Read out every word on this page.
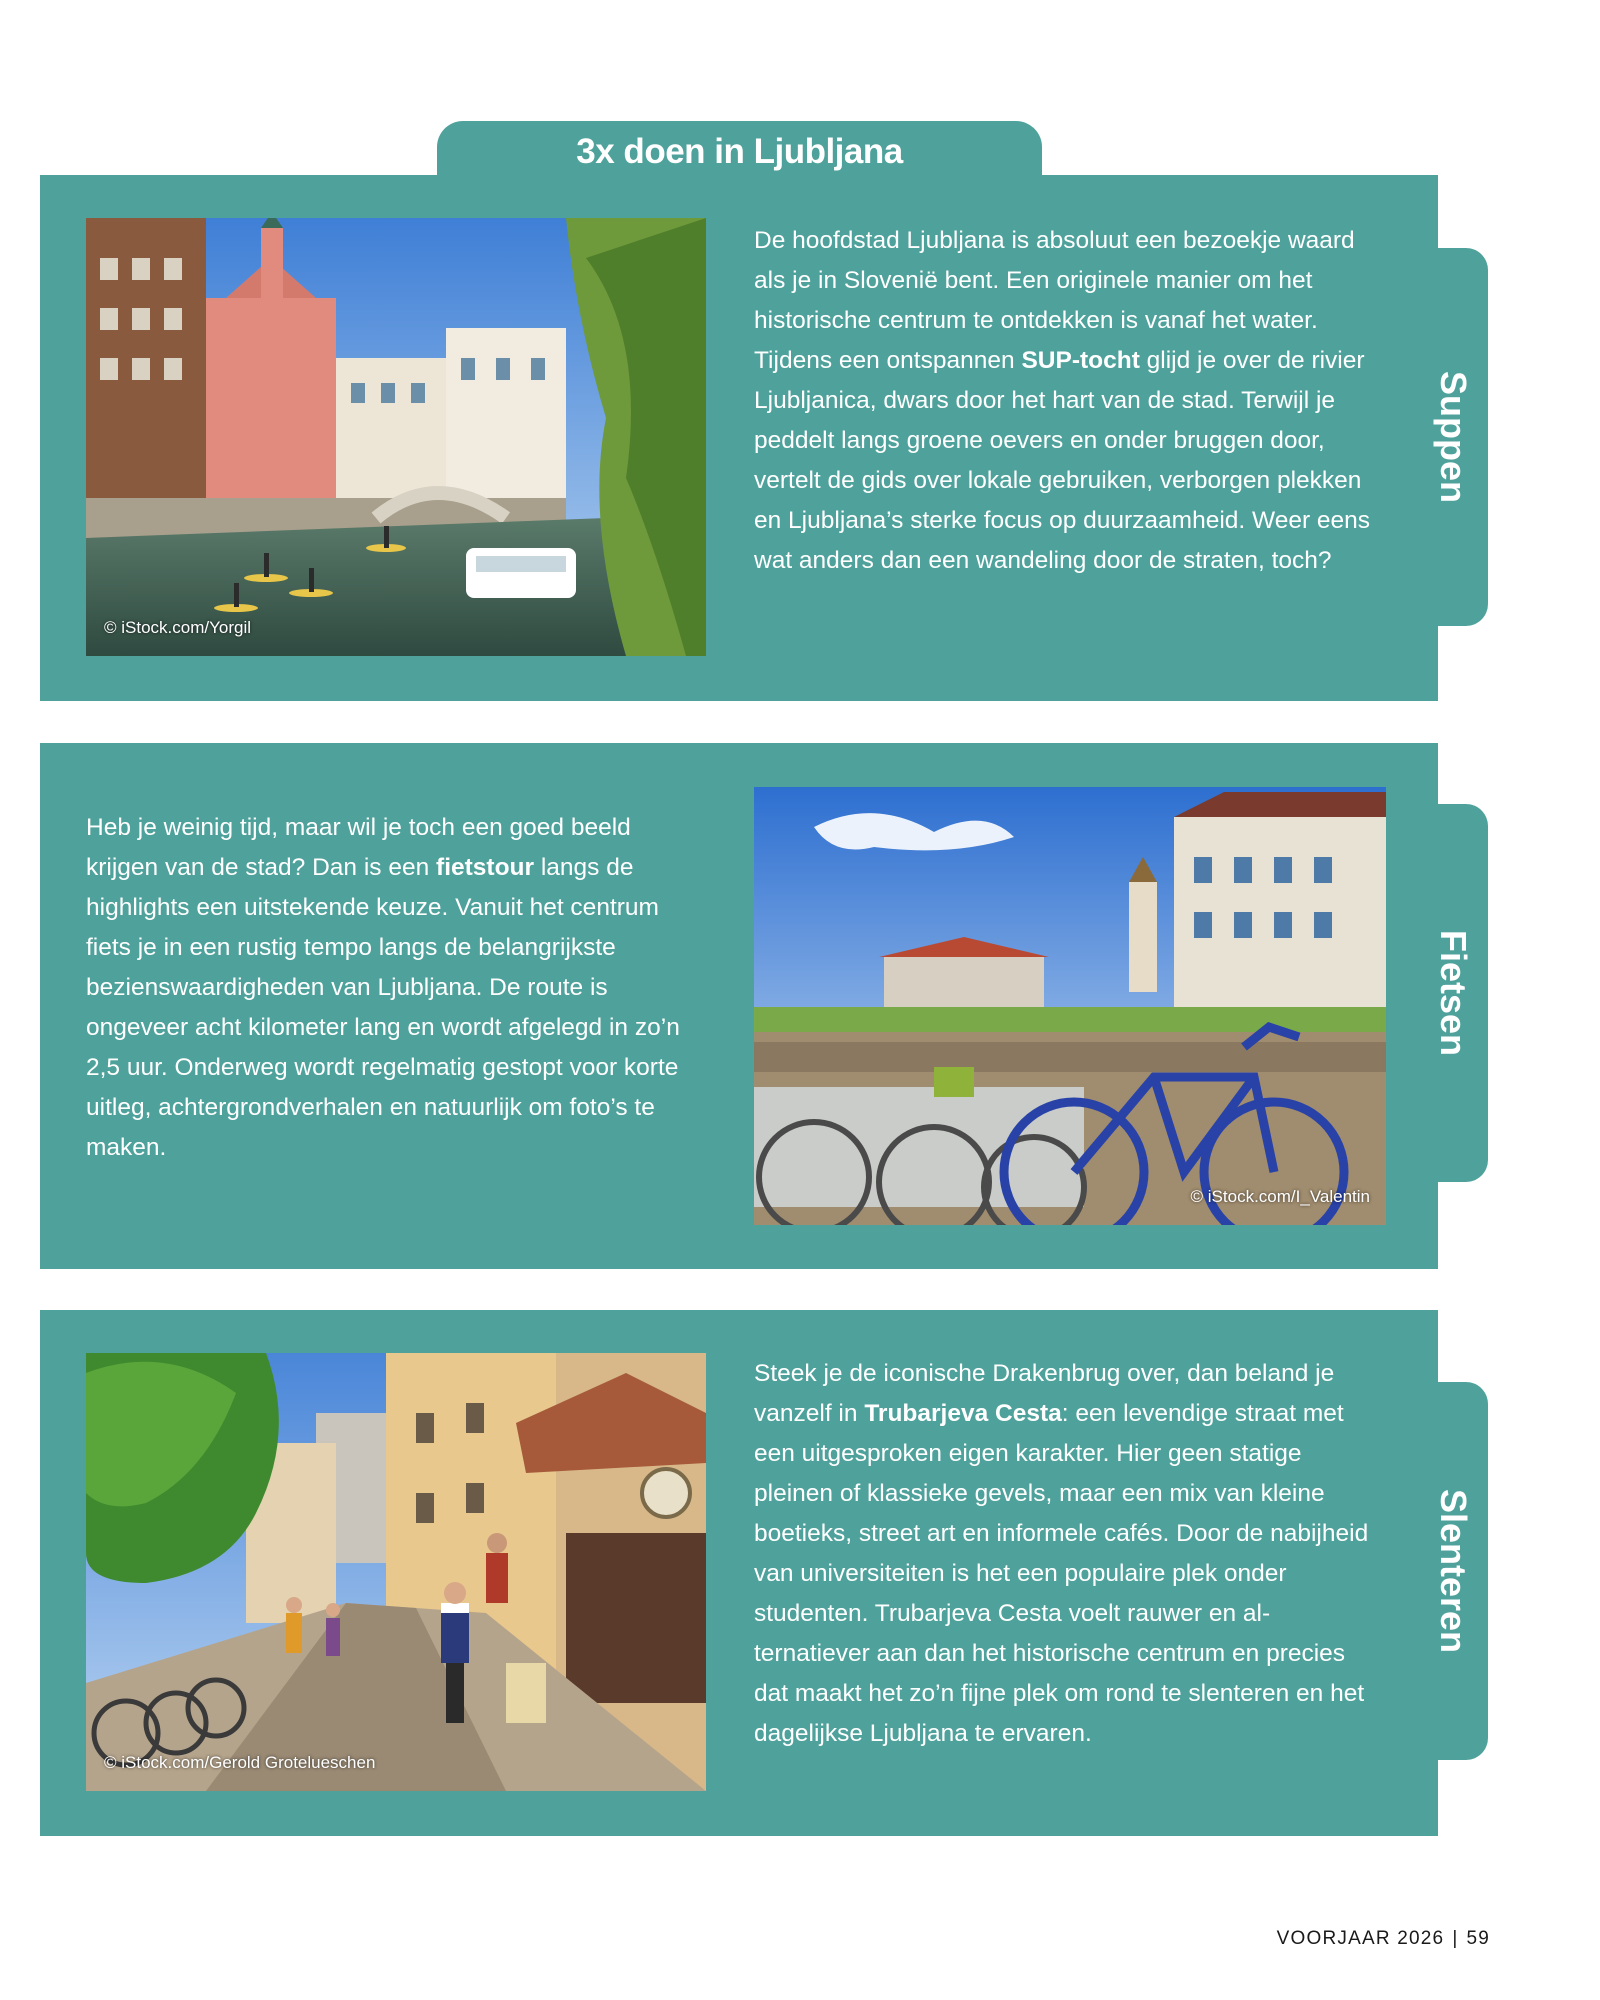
3x doen in Ljubljana
Suppen
© iStock.com/Yorgil

De hoofdstad Ljubljana is absoluut een bezoekje waard als je in Slovenië bent. Een originele manier om het historische centrum te ontdekken is vanaf het water. Tijdens een ontspannen SUP-tocht glijd je over de rivier Ljubljanica, dwars door het hart van de stad. Terwijl je peddelt langs groene oevers en onder bruggen door, vertelt de gids over lokale gebruiken, verborgen plekken en Ljubljana’s sterke focus op duurzaamheid. Weer eens wat anders dan een wandeling door de straten, toch?

Fietsen

Heb je weinig tijd, maar wil je toch een goed beeld krijgen van de stad? Dan is een fietstour langs de highlights een uitstekende keuze. Vanuit het centrum fiets je in een rustig tempo langs de belangrijkste bezienswaardigheden van Ljubljana. De route is ongeveer acht kilometer lang en wordt afgelegd in zo’n 2,5 uur. Onderweg wordt regelmatig gestopt voor korte uitleg, achtergrondverhalen en natuurlijk om foto’s te maken.

© iStock.com/I_Valentin
Slenteren
© iStock.com/Gerold Grotelueschen

Steek je de iconische Drakenbrug over, dan beland je vanzelf in Trubarjeva Cesta: een levendige straat met een uitgesproken eigen karakter. Hier geen statige pleinen of klassieke gevels, maar een mix van kleine boetieks, street art en informele cafés. Door de nabijheid van universiteiten is het een populaire plek onder studenten. Trubarjeva Cesta voelt rauwer en alternatiever aan dan het historische centrum en precies dat maakt het zo’n fijne plek om rond te slenteren en het dagelijkse Ljubljana te ervaren.

VOORJAAR 2026 | 59
